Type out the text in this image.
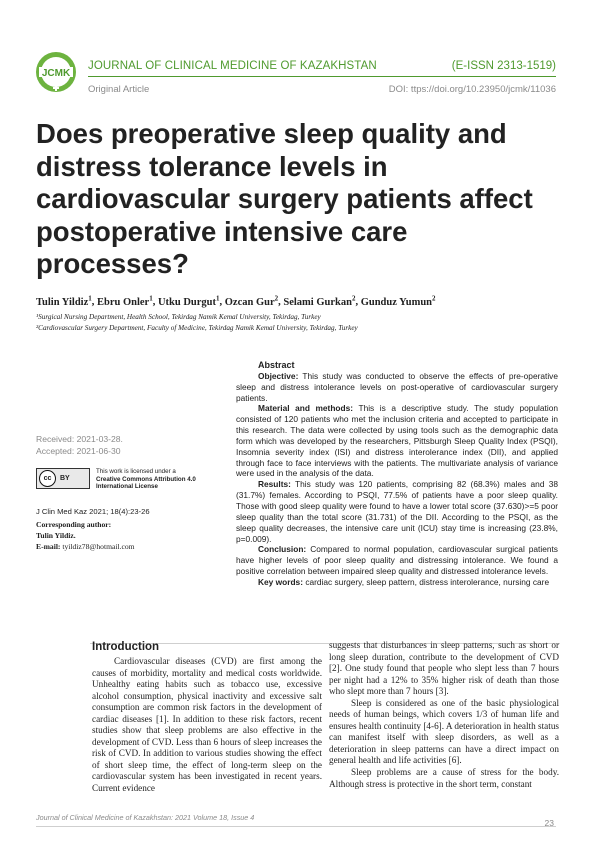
JCMK
JOURNAL OF CLINICAL MEDICINE OF KAZAKHSTAN	(E-ISSN 2313-1519)
Original Article	DOI: ttps://doi.org/10.23950/jcmk/11036
Does preoperative sleep quality and distress tolerance levels in cardiovascular surgery patients affect postoperative intensive care processes?
Tulin Yildiz$^1$, Ebru Onler$^1$, Utku Durgut$^1$, Ozcan Gur$^2$, Selami Gurkan$^2$, Gunduz Yumun$^2$
¹Surgical Nursing Department, Health School, Tekirdag Namik Kemal University, Tekirdag, Turkey
²Cardiovascular Surgery Department, Faculty of Medicine, Tekirdag Namik Kemal University, Tekirdag, Turkey
Received: 2021-03-28.
Accepted: 2021-06-30
cc	BY
This work is licensed under a
Creative Commons Attribution 4.0 International License
J Clin Med Kaz 2021; 18(4):23-26
Corresponding author:
Tulin Yildiz.
E-mail: tyildiz78@hotmail.com
Abstract

Objective: This study was conducted to observe the effects of pre-operative sleep and distress intolerance levels on post-operative of cardiovascular surgery patients.

Material and methods: This is a descriptive study. The study population consisted of 120 patients who met the inclusion criteria and accepted to participate in this research. The data were collected by using tools such as the demographic data form which was developed by the researchers, Pittsburgh Sleep Quality Index (PSQI), Insomnia severity index (ISI) and distress interolerance index (DII), and applied through face to face interviews with the patients. The multivariate analysis of variance were used in the analysis of the data.

Results: This study was 120 patients, comprising 82 (68.3%) males and 38 (31.7%) females. According to PSQI, 77.5% of patients have a poor sleep quality. Those with good sleep quality were found to have a lower total score (37.630)>=5 poor sleep quality than the total score (31.731) of the DII. According to the PSQI, as the sleep quality decreases, the intensive care unit (ICU) stay time is increasing (23.8%, p=0.009).

Conclusion: Compared to normal population, cardiovascular surgical patients have higher levels of poor sleep quality and distressing intolerance. We found a positive correlation between impaired sleep quality and distressed intolerance levels.

Key words: cardiac surgery, sleep pattern, distress interolerance, nursing care

Introduction

Cardiovascular diseases (CVD) are first among the causes of morbidity, mortality and medical costs worldwide. Unhealthy eating habits such as tobacco use, excessive alcohol consumption, physical inactivity and excessive salt consumption are common risk factors in the development of cardiac diseases [1]. In addition to these risk factors, recent studies show that sleep problems are also effective in the development of CVD. Less than 6 hours of sleep increases the risk of CVD. In addition to various studies showing the effect of short sleep time, the effect of long-term sleep on the cardiovascular system has been investigated in recent years. Current evidence

suggests that disturbances in sleep patterns, such as short or long sleep duration, contribute to the development of CVD [2]. One study found that people who slept less than 7 hours per night had a 12% to 35% higher risk of death than those who slept more than 7 hours [3].

Sleep is considered as one of the basic physiological needs of human beings, which covers 1/3 of human life and ensures health continuity [4-6]. A deterioration in health status can manifest itself with sleep disorders, as well as a deterioration in sleep patterns can have a direct impact on general health and life activities [6].

Sleep problems are a cause of stress for the body. Although stress is protective in the short term, constant

Journal of Clinical Medicine of Kazakhstan: 2021 Volume 18, Issue 4
23
